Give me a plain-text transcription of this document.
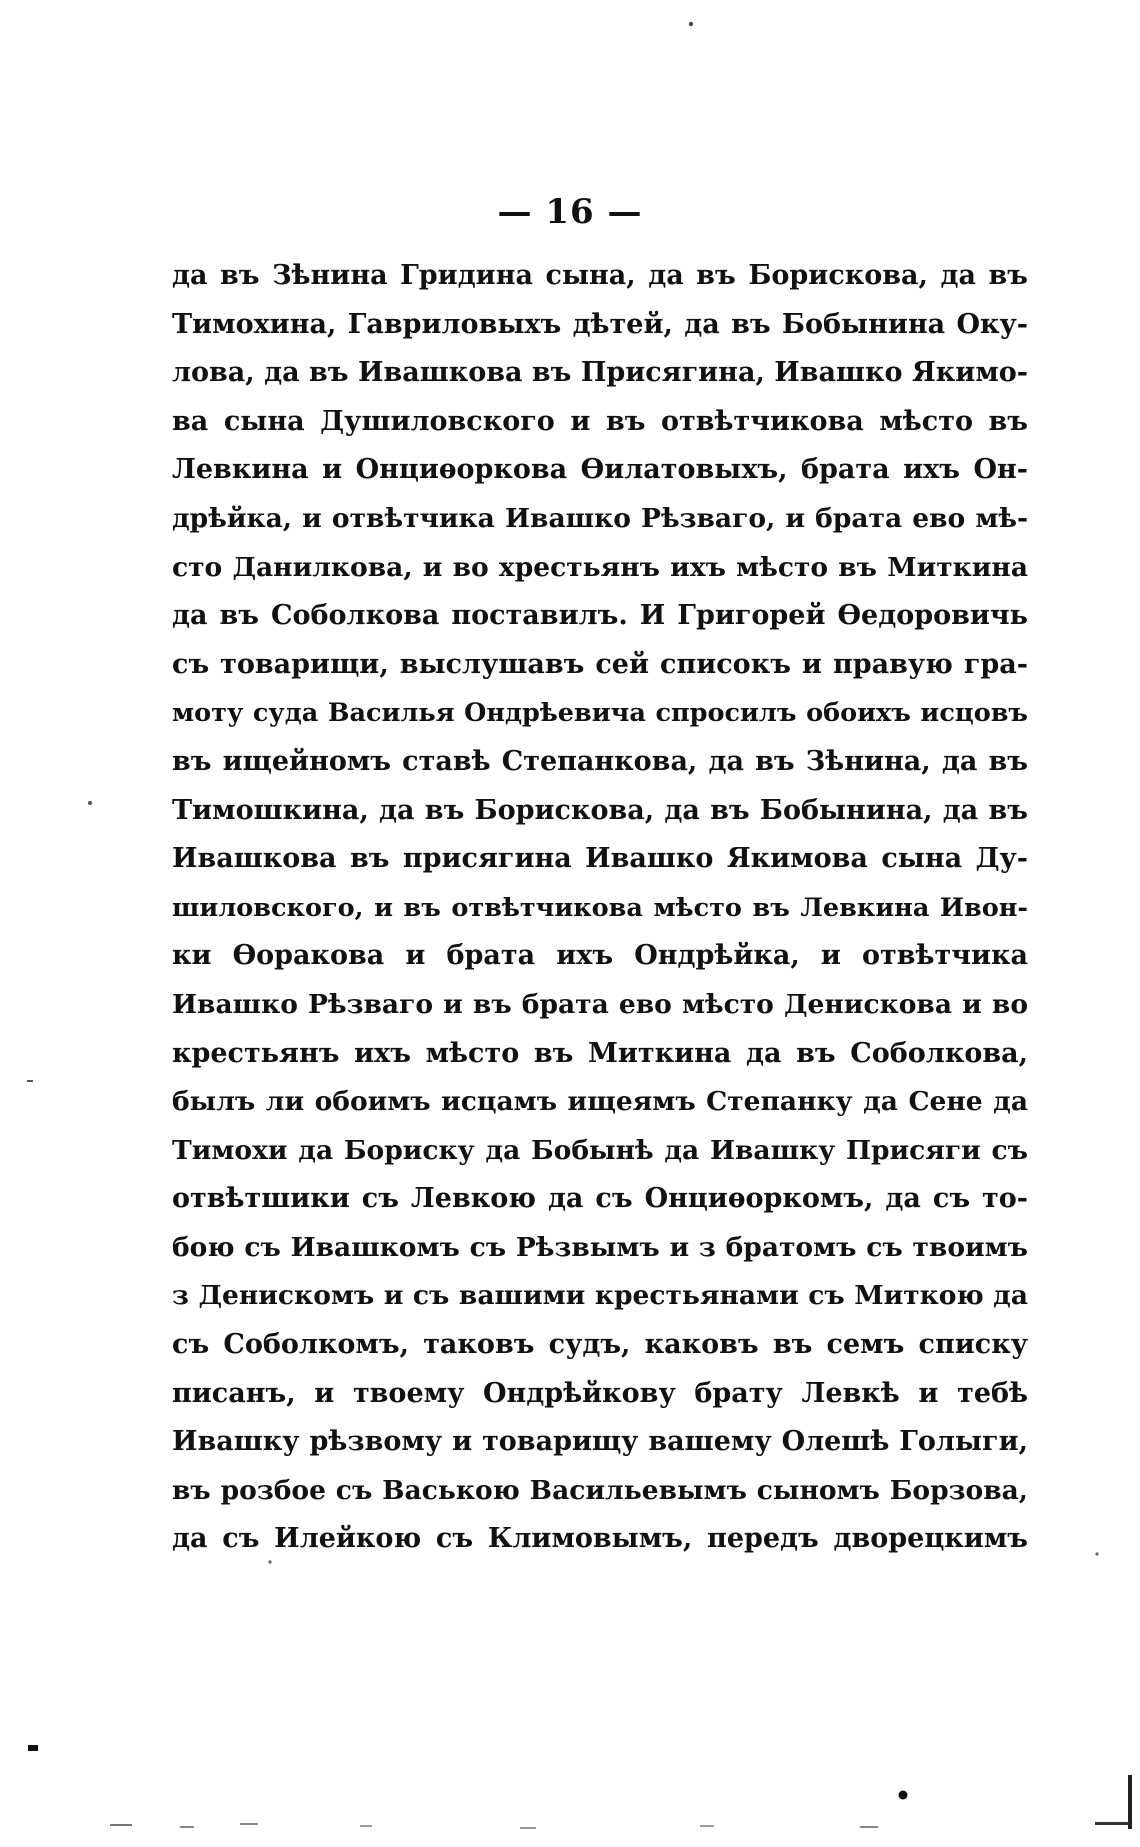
— 16 —
да въ Зѣнина Гридина сына, да въ Борискова, да въ
Тимохина, Гавриловыхъ дѣтей, да въ Бобынина Оку-
лова, да въ Ивашкова въ Присягина, Ивашко Якимо-
ва сына Душиловского и въ отвѣтчикова мѣсто въ
Левкина и Онциѳоркова Ѳилатовыхъ, брата ихъ Он-
дрѣйка, и отвѣтчика Ивашко Рѣзваго, и брата ево мѣ-
сто Данилкова, и во хрестьянъ ихъ мѣсто въ Миткина
да въ Соболкова поставилъ. И Григорей Ѳедоровичь
съ товарищи, выслушавъ сей списокъ и правую гра-
моту суда Василья Ондрѣевича спросилъ обоихъ исцовъ
въ ищейномъ ставѣ Степанкова, да въ Зѣнина, да въ
Тимошкина, да въ Борискова, да въ Бобынина, да въ
Ивашкова въ присягина Ивашко Якимова сына Ду-
шиловского, и въ отвѣтчикова мѣсто въ Левкина Ивон-
ки Ѳоракова и брата ихъ Ондрѣйка, и отвѣтчика
Ивашко Рѣзваго и въ брата ево мѣсто Денискова и во
крестьянъ ихъ мѣсто въ Миткина да въ Соболкова,
былъ ли обоимъ исцамъ ищеямъ Степанку да Сене да
Тимохи да Бориску да Бобынѣ да Ивашку Присяги съ
отвѣтшики съ Левкою да съ Онциѳоркомъ, да съ то-
бою съ Ивашкомъ съ Рѣзвымъ и з братомъ съ твоимъ
з Денискомъ и съ вашими крестьянами съ Миткою да
съ Соболкомъ, таковъ судъ, каковъ въ семъ списку
писанъ, и твоему Ондрѣйкову брату Левкѣ и тебѣ
Ивашку рѣзвому и товарищу вашему Олешѣ Голыги,
въ розбое съ Ваською Васильевымъ сыномъ Борзова,
да съ Илейкою съ Климовымъ, передъ дворецкимъ
